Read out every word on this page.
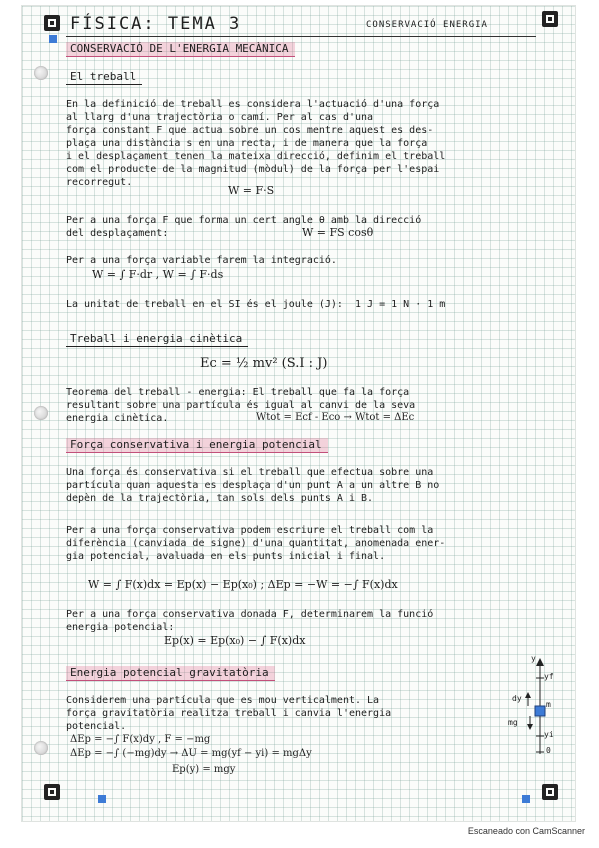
FÍSICA: TEMA 3	CONSERVACIÓ ENERGIA
CONSERVACIÓ DE L'ENERGIA MECÀNICA
El treball
En la definició de treball es considera l'actuació d'una força
al llarg d'una trajectòria o camí. Per al cas d'una
força constant F que actua sobre un cos mentre aquest es des-
plaça una distància s en una recta, i de manera que la força
i el desplaçament tenen la mateixa direcció, definim el treball
com el producte de la magnitud (mòdul) de la força per l'espai
recorregut.
W = F·S
Per a una força F que forma un cert angle θ amb la direcció
del desplaçament:	W = FS cosθ
Per a una força variable farem la integració.
W = ∫ F·dr , W = ∫ F·ds
La unitat de treball en el SI és el joule (J):  1 J = 1 N · 1 m
Treball i energia cinètica
Ec = ½ mv² (S.I : J)
Teorema del treball - energia: El treball que fa la força
resultant sobre una partícula és igual al canvi de la seva
energia cinètica.	Wtot = Ecf - Eco → Wtot = ΔEc
Força conservativa i energia potencial
Una força és conservativa si el treball que efectua sobre una
partícula quan aquesta es desplaça d'un punt A a un altre B no
depèn de la trajectòria, tan sols dels punts A i B.
Per a una força conservativa podem escriure el treball com la
diferència (canviada de signe) d'una quantitat, anomenada ener-
gia potencial, avaluada en els punts inicial i final.
W = ∫ F(x)dx = Ep(x) − Ep(x₀) ; ΔEp = −W = −∫ F(x)dx
Per a una força conservativa donada F, determinarem la funció
energia potencial:
Ep(x) = Ep(x₀) − ∫ F(x)dx
Energia potencial gravitatòria
Considerem una partícula que es mou verticalment. La
força gravitatòria realitza treball i canvia l'energia
potencial.
ΔEp = −∫ F(x)dy , F = −mg
ΔEp = −∫ (−mg)dy → ΔU = mg(yf − yi) = mgΔy
Ep(y) = mgy
y
yf
dy
m
mg
yi
0
Escaneado con CamScanner
